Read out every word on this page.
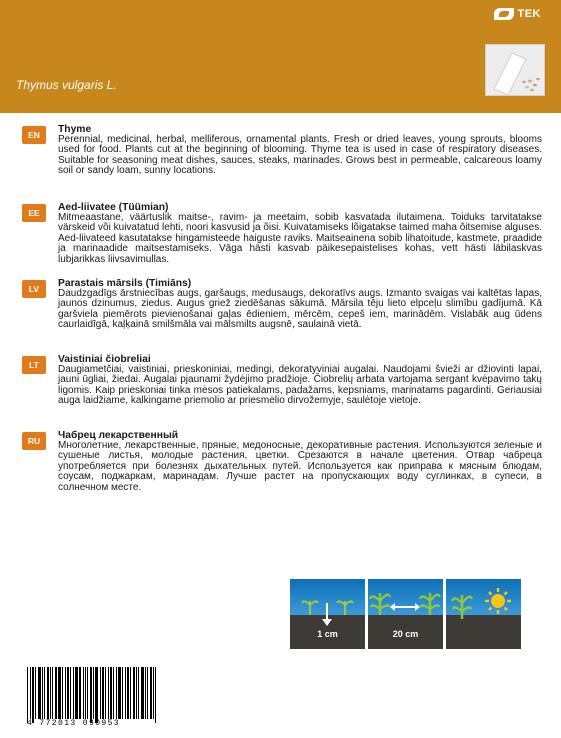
TEK
Thymus vulgaris L.
EN	Thyme
Perennial, medicinal, herbal, melliferous, ornamental plants. Fresh or dried leaves, young sprouts, blooms used for food. Plants cut at the beginning of blooming. Thyme tea is used in case of respiratory diseases. Suitable for seasoning meat dishes, sauces, steaks, marinades. Grows best in permeable, calcareous loamy soil or sandy loam, sunny locations.
EE	Aed-liivatee (Tüümian)
Mitmeaastane, väärtuslik maitse-, ravim- ja meetaim, sobib kasvatada ilutaimena. Toiduks tarvitatakse värskeid või kuivatatud lehti, noori kasvusid ja õisi. Kuivatamiseks lõigatakse taimed maha õitsemise alguses. Aed-liivateed kasutatakse hingamisteede haiguste raviks. Maitseainena sobib lihatoitude, kastmete, praadide ja marinaadide maitsestamiseks. Vāga hästi kasvab päikesepaistelises kohas, vett hästi läbilaskvas lubjarikkas liivsavimullas.
LV	Parastais mārsils (Timiāns)
Daudzgadīgs ārstniecības augs, garšaugs, medusaugs, dekoratīvs augs. Izmanto svaigas vai kaltētas lapas, jaunos dzinumus, ziedus. Augus griež ziedēšanas sākumā. Mārsila tēju lieto elpceļu slimību gadījumā. Kā garšviela piemērots pievienošanai gaļas ēdieniem, mērcēm, cepeš iem, marinādēm. Vislabāk aug ūdens caurlaidīgā, kaļķainā smilšmāla vai mālsmilts augsnē, saulainā vietā.
LT	Vaistiniai čiobreliai
Daugiametčiai, vaistiniai, prieskoniniai, medingi, dekoratyviniai augalai. Naudojami švieži ar džiovinti lapai, jauni ūgliai, žiedai. Augalai pjaunami žydėjimo pradžioje. Čiobrelių arbata vartojama sergant kvėpavimo takų ligomis. Kaip prieskoniai tinka mėsos patiekalams, padažams, kepsniams, marinatams pagardinti. Geriausiai auga laidžiame, kalkingame priemolio ar priesmėlio dirvožemyje, saulėtoje vietoje.
RU	Чабрец лекарственный
Многолетние, лекарственные, пряные, медоносные, декоративные растения. Используются зеленые и сушеные листья, молодые растения, цветки. Срезаются в начале цветения. Отвар чабреца употребляется при болезнях дыхательных путей. Используется как приправа к мясным блюдам, соусам, поджаркам, маринадам. Лучше растет на пропускающих воду суглинках, в супеси, в солнечном месте.
1 cm	20 cm
4 772013 090953
